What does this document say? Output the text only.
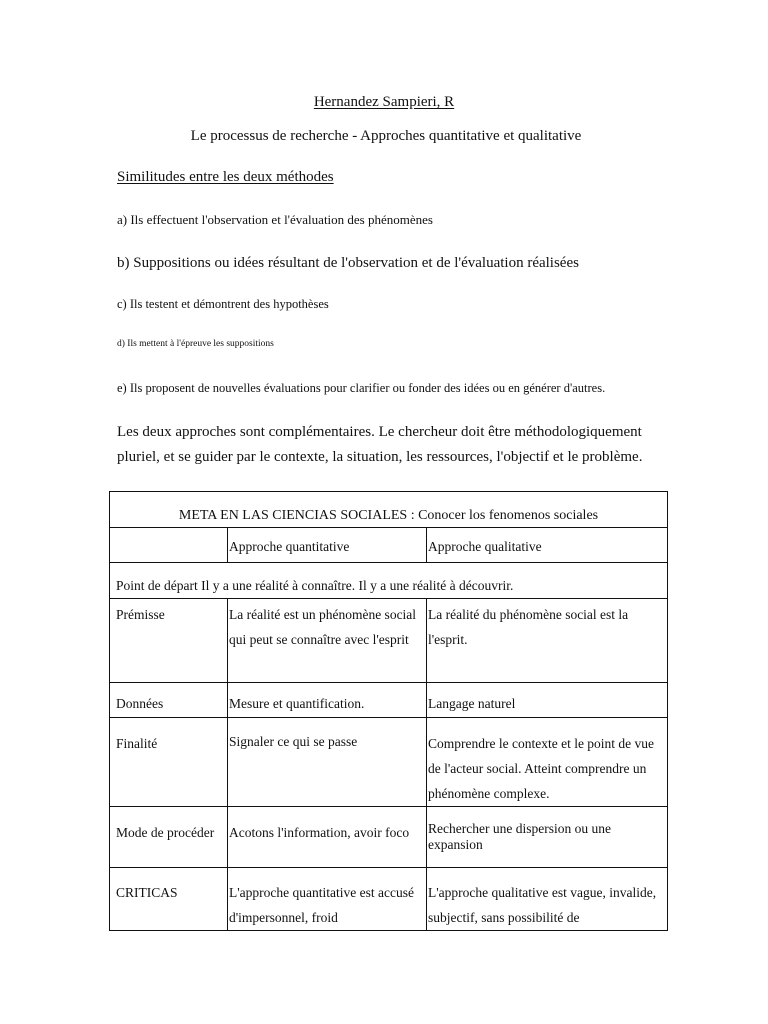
Hernandez Sampieri, R
Le processus de recherche - Approches quantitative et qualitative
Similitudes entre les deux méthodes
a) Ils effectuent l'observation et l'évaluation des phénomènes
b) Suppositions ou idées résultant de l'observation et de l'évaluation réalisées
c) Ils testent et démontrent des hypothèses
d) Ils mettent à l'épreuve les suppositions
e) Ils proposent de nouvelles évaluations pour clarifier ou fonder des idées ou en générer d'autres.
Les deux approches sont complémentaires. Le chercheur doit être méthodologiquement pluriel, et se guider par le contexte, la situation, les ressources, l'objectif et le problème.
META EN LAS CIENCIAS SOCIALES : Conocer los fenomenos sociales		
	Approche quantitative	Approche qualitative
Point de départ Il y a une réalité à connaître. Il y a une réalité à découvrir.		
Prémisse	La réalité est un phénomène social qui peut se connaître avec l'esprit	La réalité du phénomène social est la l'esprit.
Données	Mesure et quantification.	Langage naturel
Finalité	Signaler ce qui se passe	Comprendre le contexte et le point de vue de l'acteur social. Atteint comprendre un phénomène complexe.
Mode de procéder	Acotons l'information, avoir foco	Rechercher une dispersion ou une expansion
CRITICAS	L'approche quantitative est accusé d'impersonnel, froid	L'approche qualitative est vague, invalide, subjectif, sans possibilité de
